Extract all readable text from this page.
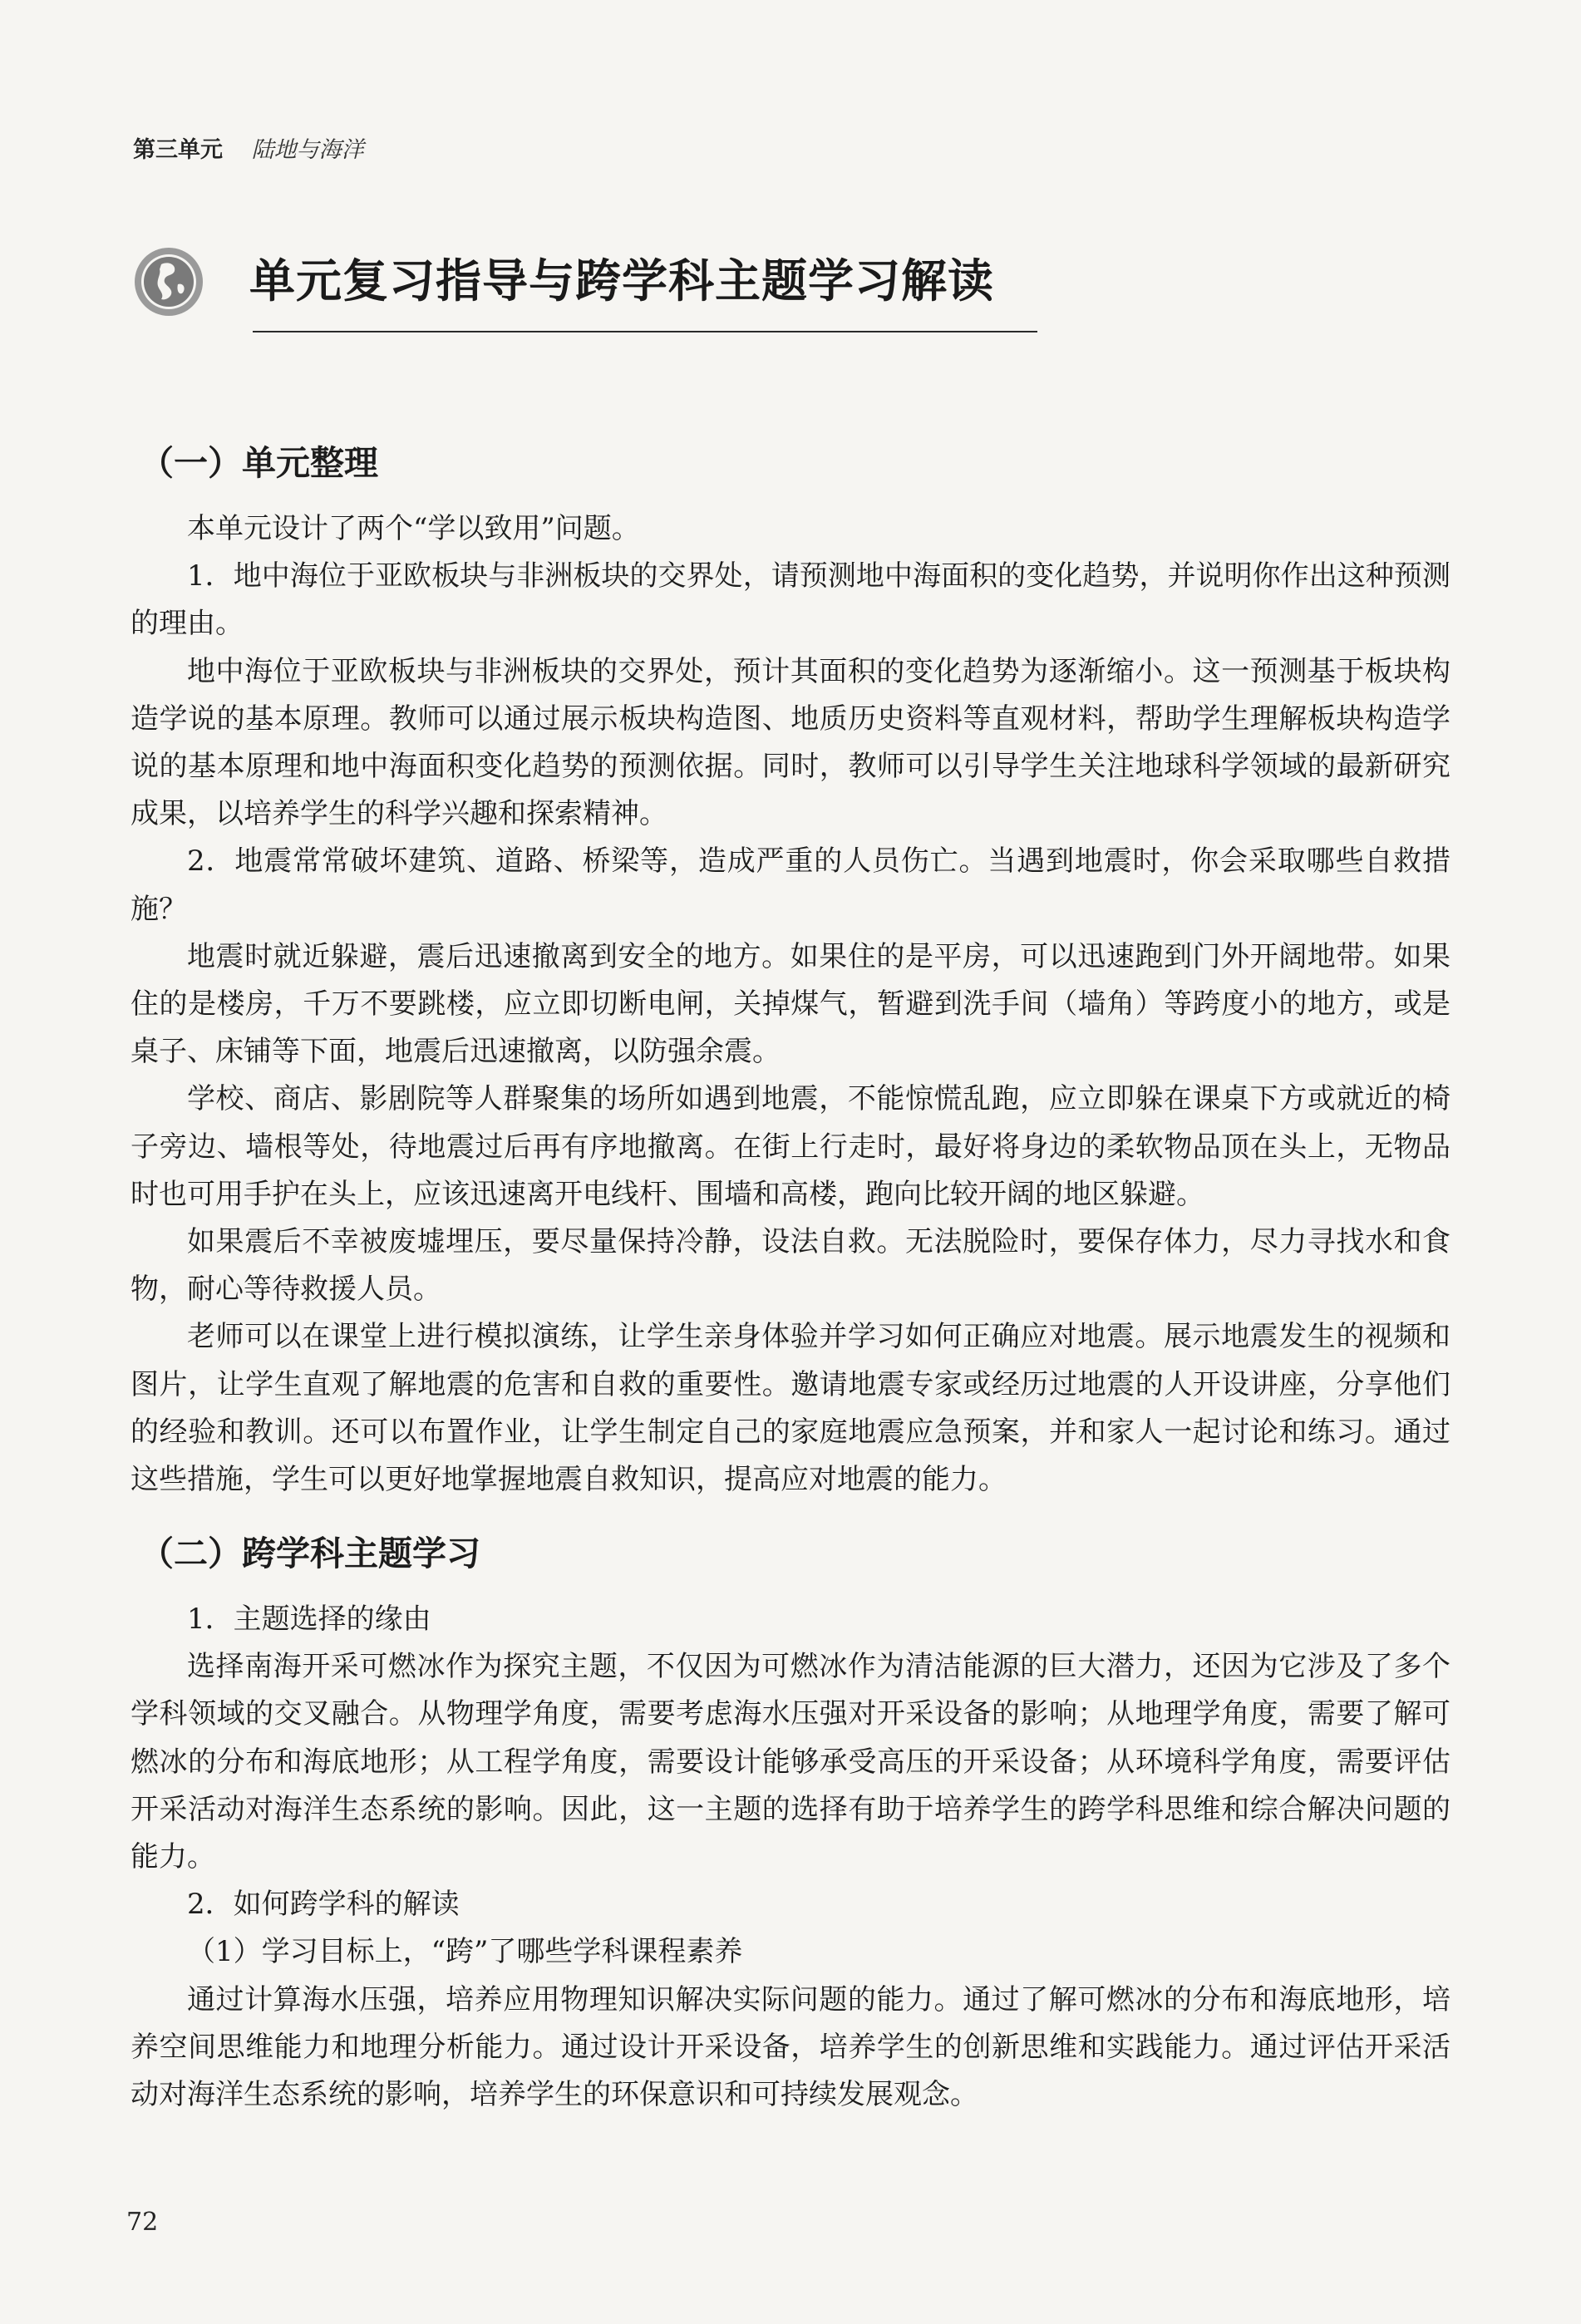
第三单元 陆地与海洋
单元复习指导与跨学科主题学习解读
（一）单元整理

本单元设计了两个“学以致用”问题。

1．地中海位于亚欧板块与非洲板块的交界处，请预测地中海面积的变化趋势，并说明你作出这种预测的理由。

地中海位于亚欧板块与非洲板块的交界处，预计其面积的变化趋势为逐渐缩小。这一预测基于板块构造学说的基本原理。教师可以通过展示板块构造图、地质历史资料等直观材料，帮助学生理解板块构造学说的基本原理和地中海面积变化趋势的预测依据。同时，教师可以引导学生关注地球科学领域的最新研究成果，以培养学生的科学兴趣和探索精神。

2．地震常常破坏建筑、道路、桥梁等，造成严重的人员伤亡。当遇到地震时，你会采取哪些自救措施？

地震时就近躲避，震后迅速撤离到安全的地方。如果住的是平房，可以迅速跑到门外开阔地带。如果住的是楼房，千万不要跳楼，应立即切断电闸，关掉煤气，暂避到洗手间（墙角）等跨度小的地方，或是桌子、床铺等下面，地震后迅速撤离，以防强余震。

学校、商店、影剧院等人群聚集的场所如遇到地震，不能惊慌乱跑，应立即躲在课桌下方或就近的椅子旁边、墙根等处，待地震过后再有序地撤离。在街上行走时，最好将身边的柔软物品顶在头上，无物品时也可用手护在头上，应该迅速离开电线杆、围墙和高楼，跑向比较开阔的地区躲避。

如果震后不幸被废墟埋压，要尽量保持冷静，设法自救。无法脱险时，要保存体力，尽力寻找水和食物，耐心等待救援人员。

老师可以在课堂上进行模拟演练，让学生亲身体验并学习如何正确应对地震。展示地震发生的视频和图片，让学生直观了解地震的危害和自救的重要性。邀请地震专家或经历过地震的人开设讲座，分享他们的经验和教训。还可以布置作业，让学生制定自己的家庭地震应急预案，并和家人一起讨论和练习。通过这些措施，学生可以更好地掌握地震自救知识，提高应对地震的能力。

（二）跨学科主题学习

1．主题选择的缘由

选择南海开采可燃冰作为探究主题，不仅因为可燃冰作为清洁能源的巨大潜力，还因为它涉及了多个学科领域的交叉融合。从物理学角度，需要考虑海水压强对开采设备的影响；从地理学角度，需要了解可燃冰的分布和海底地形；从工程学角度，需要设计能够承受高压的开采设备；从环境科学角度，需要评估开采活动对海洋生态系统的影响。因此，这一主题的选择有助于培养学生的跨学科思维和综合解决问题的能力。

2．如何跨学科的解读

（1）学习目标上，“跨”了哪些学科课程素养

通过计算海水压强，培养应用物理知识解决实际问题的能力。通过了解可燃冰的分布和海底地形，培养空间思维能力和地理分析能力。通过设计开采设备，培养学生的创新思维和实践能力。通过评估开采活动对海洋生态系统的影响，培养学生的环保意识和可持续发展观念。

72
